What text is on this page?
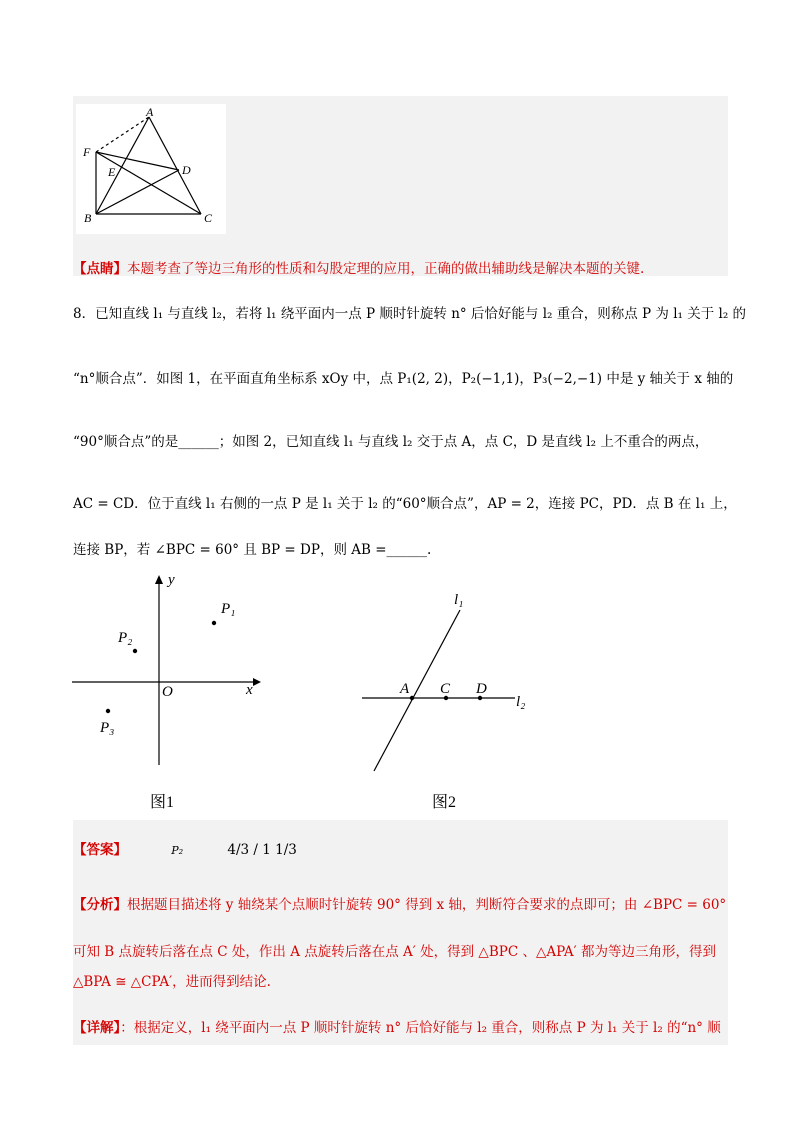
A
F
E	D
B	C
【点睛】本题考查了等边三角形的性质和勾股定理的应用，正确的做出辅助线是解决本题的关键.
8．已知直线 l₁ 与直线 l₂，若将 l₁ 绕平面内一点 P 顺时针旋转 n° 后恰好能与 l₂ 重合，则称点 P 为 l₁ 关于 l₂ 的
“n°顺合点”．如图 1，在平面直角坐标系 xOy 中，点 P₁(2, 2)，P₂(−1,1)，P₃(−2,−1) 中是 y 轴关于 x 轴的
“90°顺合点”的是______；如图 2，已知直线 l₁ 与直线 l₂ 交于点 A，点 C，D 是直线 l₂ 上不重合的两点，
AC = CD．位于直线 l₁ 右侧的一点 P 是 l₁ 关于 l₂ 的“60°顺合点”，AP = 2，连接 PC，PD．点 B 在 l₁ 上，
连接 BP，若 ∠BPC = 60° 且 BP = DP，则 AB =______.
y
x
O
P₁
P₂
P₃
图1
l₁
l₂
A C D
图2
【答案】	P₂	4/3 / 1 1/3
【分析】根据题目描述将 y 轴绕某个点顺时针旋转 90° 得到 x 轴，判断符合要求的点即可；由 ∠BPC = 60°
可知 B 点旋转后落在点 C 处，作出 A 点旋转后落在点 A′ 处，得到 △BPC 、△APA′ 都为等边三角形，得到
△BPA ≅ △CPA′，进而得到结论.
【详解】：根据定义，l₁ 绕平面内一点 P 顺时针旋转 n° 后恰好能与 l₂ 重合，则称点 P 为 l₁ 关于 l₂ 的“n° 顺
